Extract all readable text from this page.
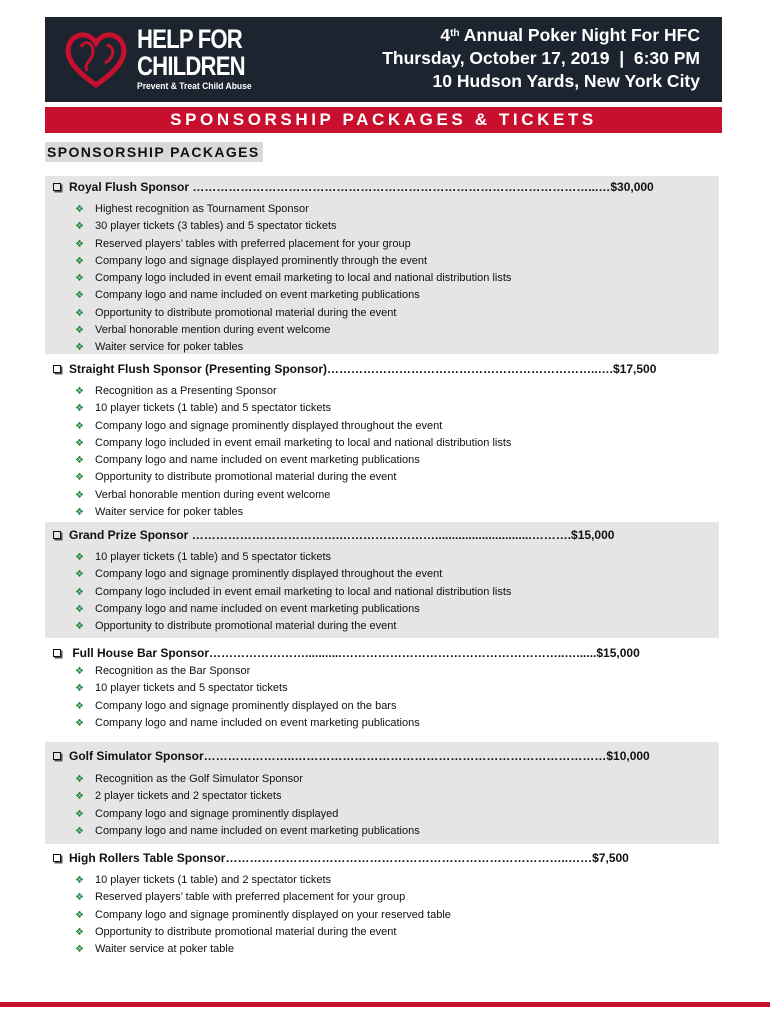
HELP FOR
CHILDREN
Prevent & Treat Child Abuse
4th Annual Poker Night For HFC
Thursday, October 17, 2019  |  6:30 PM
10 Hudson Yards, New York City
SPONSORSHIP PACKAGES & TICKETS
SPONSORSHIP PACKAGES
Royal Flush Sponsor ………………………………………………………………………………………...…$30,000
❖ Highest recognition as Tournament Sponsor
❖ 30 player tickets (3 tables) and 5 spectator tickets
❖ Reserved players’ tables with preferred placement for your group
❖ Company logo and signage displayed prominently through the event
❖ Company logo included in event email marketing to local and national distribution lists
❖ Company logo and name included on event marketing publications
❖ Opportunity to distribute promotional material during the event
❖ Verbal honorable mention during event welcome
❖ Waiter service for poker tables
Straight Flush Sponsor (Presenting Sponsor)…………………………………………………………..….$17,500
❖ Recognition as a Presenting Sponsor
❖ 10 player tickets (1 table) and 5 spectator tickets
❖ Company logo and signage prominently displayed throughout the event
❖ Company logo included in event email marketing to local and national distribution lists
❖ Company logo and name included on event marketing publications
❖ Opportunity to distribute promotional material during the event
❖ Verbal honorable mention during event welcome
❖ Waiter service for poker tables
Grand Prize Sponsor ……………………………….…………………….............................……….$15,000
❖ 10 player tickets (1 table) and 5 spectator tickets
❖ Company logo and signage prominently displayed throughout the event
❖ Company logo included in event email marketing to local and national distribution lists
❖ Company logo and name included on event marketing publications
❖ Opportunity to distribute promotional material during the event
Full House Bar Sponsor……………………...........………………………………………………..…......$15,000
❖ Recognition as the Bar Sponsor
❖ 10 player tickets and 5 spectator tickets
❖ Company logo and signage prominently displayed on the bars
❖ Company logo and name included on event marketing publications
Golf Simulator Sponsor…………………..……………………………………………………………………$10,000
❖ Recognition as the Golf Simulator Sponsor
❖ 2 player tickets and 2 spectator tickets
❖ Company logo and signage prominently displayed
❖ Company logo and name included on event marketing publications
High Rollers Table Sponsor…………………………………………………………………………..……$7,500
❖ 10 player tickets (1 table) and 2 spectator tickets
❖ Reserved players’ table with preferred placement for your group
❖ Company logo and signage prominently displayed on your reserved table
❖ Opportunity to distribute promotional material during the event
❖ Waiter service at poker table
